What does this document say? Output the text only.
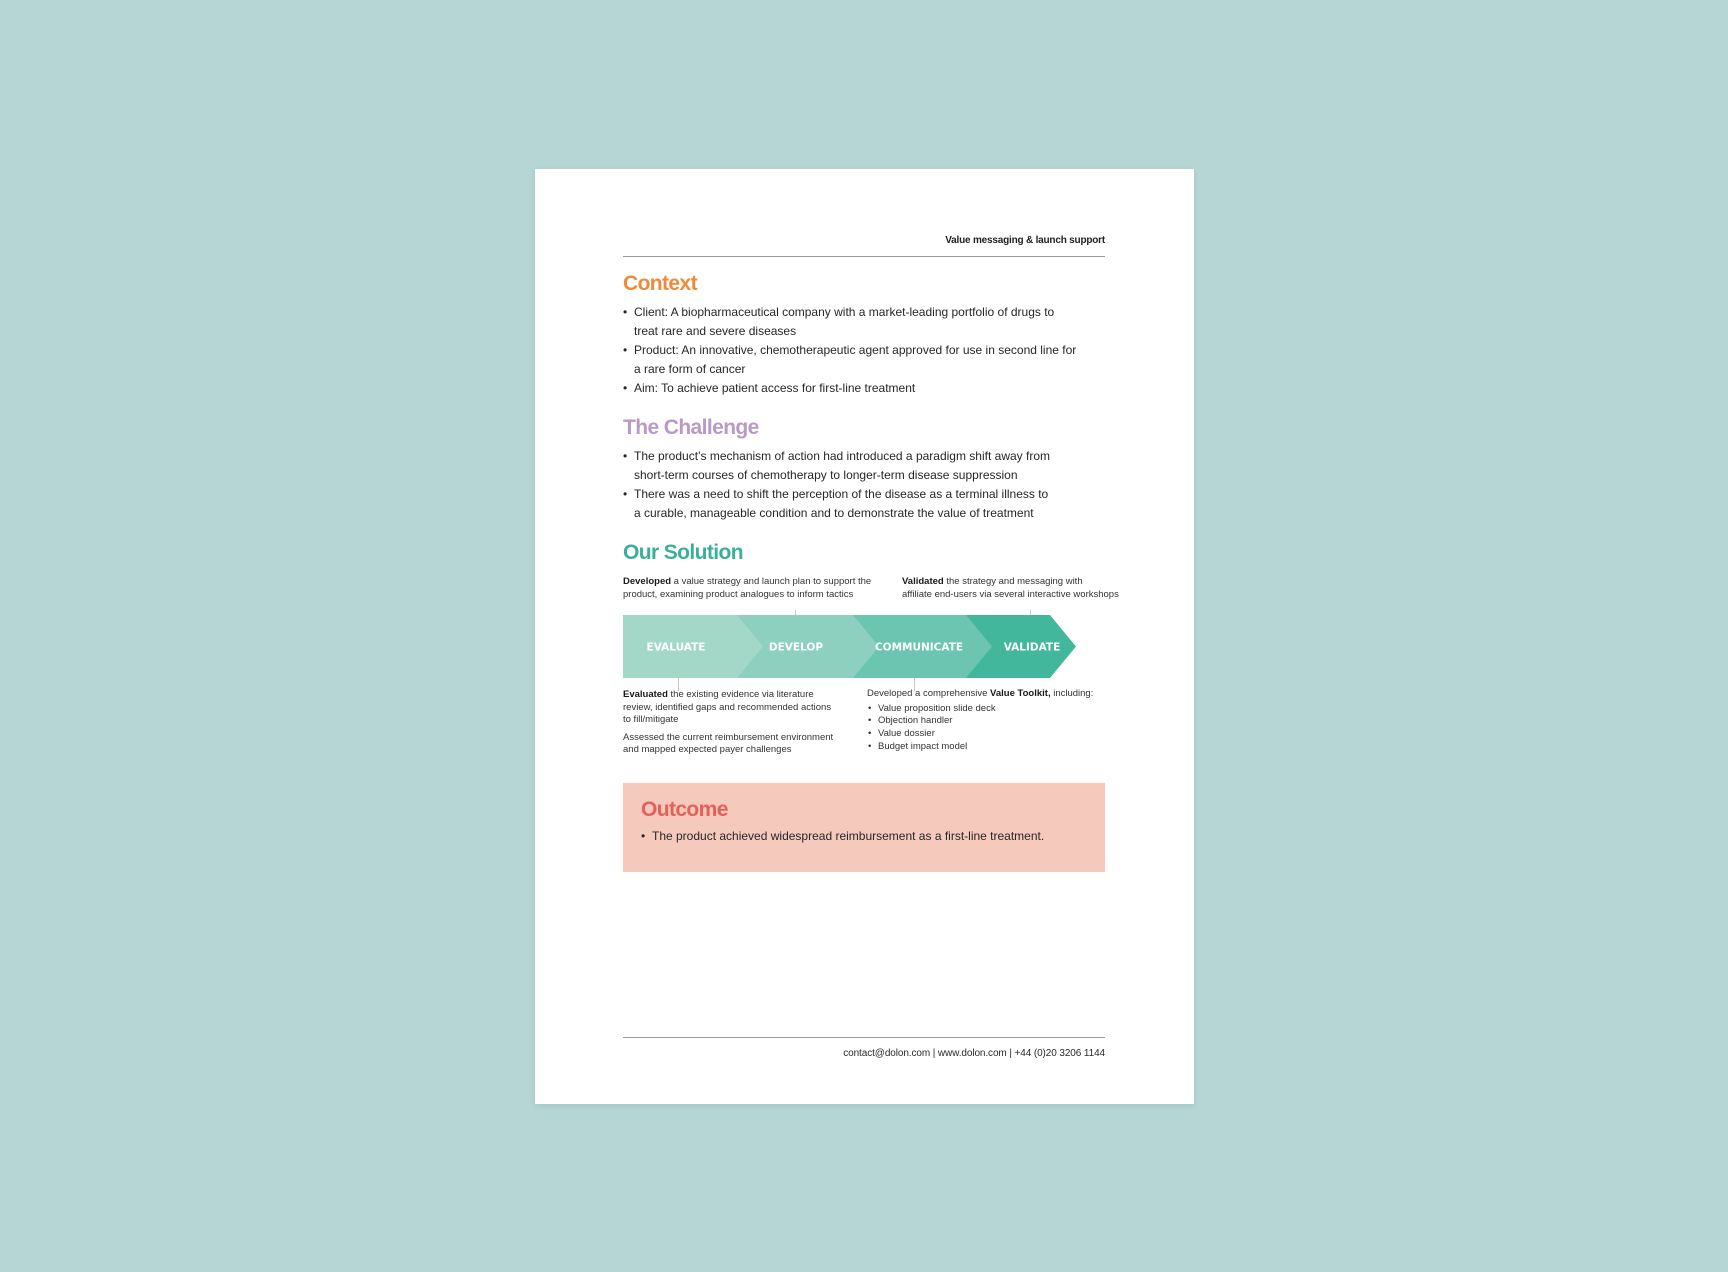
Value messaging & launch support
Context
• Client: A biopharmaceutical company with a market-leading portfolio of drugs to
treat rare and severe diseases
• Product: An innovative, chemotherapeutic agent approved for use in second line for
a rare form of cancer
• Aim: To achieve patient access for first-line treatment
The Challenge
• The product’s mechanism of action had introduced a paradigm shift away from
short-term courses of chemotherapy to longer-term disease suppression
• There was a need to shift the perception of the disease as a terminal illness to
a curable, manageable condition and to demonstrate the value of treatment
Our Solution

Developed a value strategy and launch plan to support the

product, examining product analogues to inform tactics

Validated the strategy and messaging with

affiliate end-users via several interactive workshops

EVALUATE	DEVELOP	COMMUNICATE	VALIDATE

Evaluated the existing evidence via literature

review, identified gaps and recommended actions

to fill/mitigate

Assessed the current reimbursement environment

and mapped expected payer challenges

Developed a comprehensive Value Toolkit, including:

• Value proposition slide deck
• Objection handler
• Value dossier
• Budget impact model
Outcome
• The product achieved widespread reimbursement as a first-line treatment.
contact@dolon.com | www.dolon.com | +44 (0)20 3206 1144
